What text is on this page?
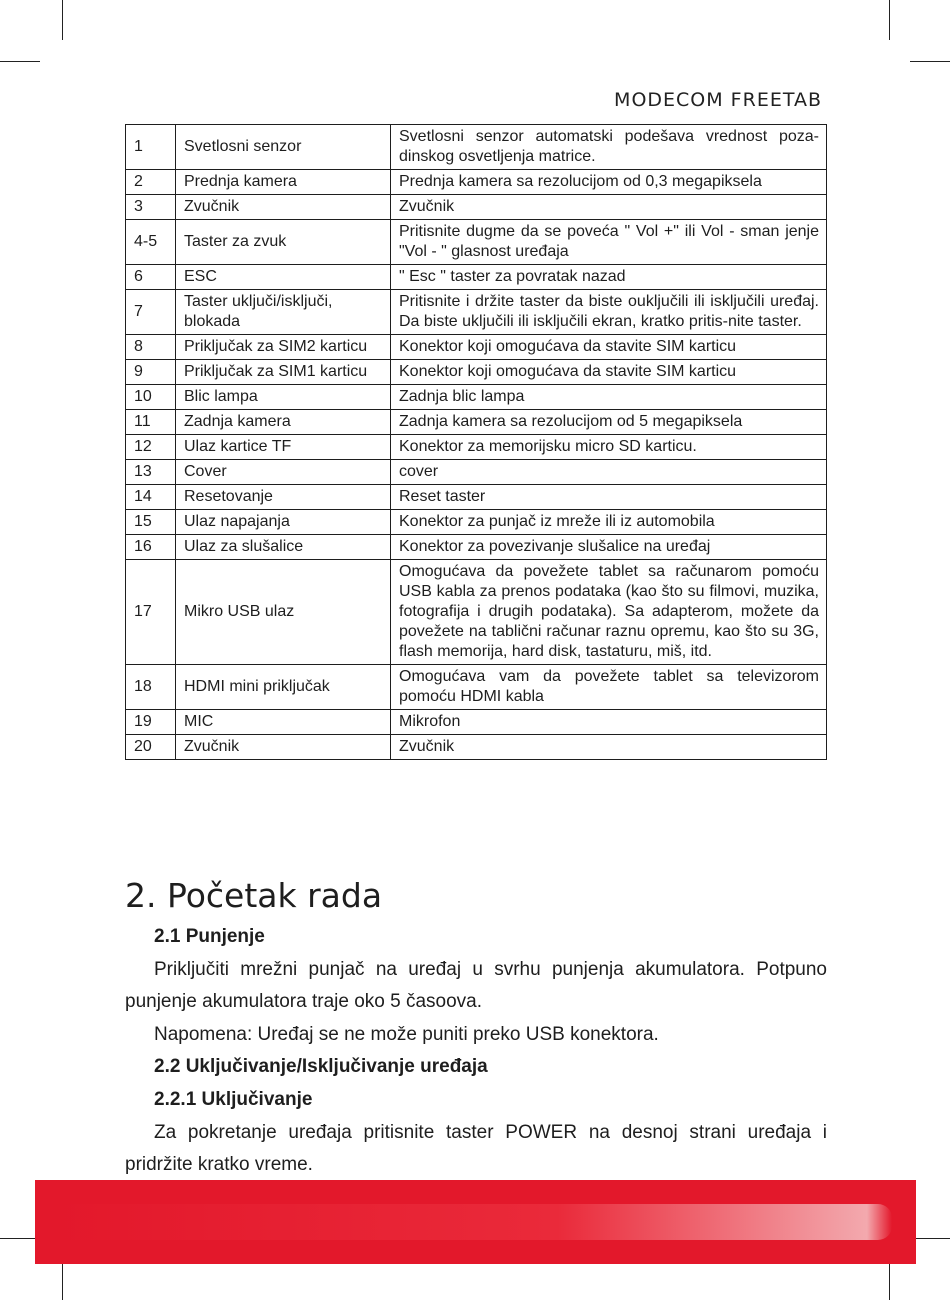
MODECOM FREETAB
1	Svetlosni senzor	Svetlosni senzor automatski podešava vrednost poza-dinskog osvetljenja matrice.
2	Prednja kamera	Prednja kamera sa rezolucijom od 0,3 megapiksela
3	Zvučnik	Zvučnik
4-5	Taster za zvuk	Pritisnite dugme da se poveća " Vol +" ili Vol - sman jenje "Vol - " glasnost uređaja
6	ESC	" Esc " taster za povratak nazad
7	Taster uključi/isključi, blokada	Pritisnite i držite taster da biste ouključili ili isključili uređaj. Da biste uključili ili isključili ekran, kratko pritis-nite taster.
8	Priključak za SIM2 karticu	Konektor koji omogućava da stavite SIM karticu
9	Priključak za SIM1 karticu	Konektor koji omogućava da stavite SIM karticu
10	Blic lampa	Zadnja blic lampa
11	Zadnja kamera	Zadnja kamera sa rezolucijom od 5 megapiksela
12	Ulaz kartice TF	Konektor za memorijsku micro SD karticu.
13	Cover	cover
14	Resetovanje	Reset taster
15	Ulaz napajanja	Konektor za punjač iz mreže ili iz automobila
16	Ulaz za slušalice	Konektor za povezivanje slušalice na uređaj
17	Mikro USB ulaz	Omogućava da povežete tablet sa računarom pomoću USB kabla za prenos podataka (kao što su filmovi, muzika, fotografija i drugih podataka). Sa adapterom, možete da povežete na tablični računar raznu opremu, kao što su 3G, flash memorija, hard disk, tastaturu, miš, itd.
18	HDMI mini priključak	Omogućava vam da povežete tablet sa televizorom pomoću HDMI kabla
19	MIC	Mikrofon
20	Zvučnik	Zvučnik
2. Početak rada
2.1 Punjenje
Priključiti mrežni punjač na uređaj u svrhu punjenja akumulatora. Potpuno punjenje akumulatora traje oko 5 časoova.
Napomena: Uređaj se ne može puniti preko USB konektora.
2.2 Uključivanje/Isključivanje uređaja
2.2.1 Uključivanje
Za pokretanje uređaja pritisnite taster POWER na desnoj strani uređaja i pridržite kratko vreme.
